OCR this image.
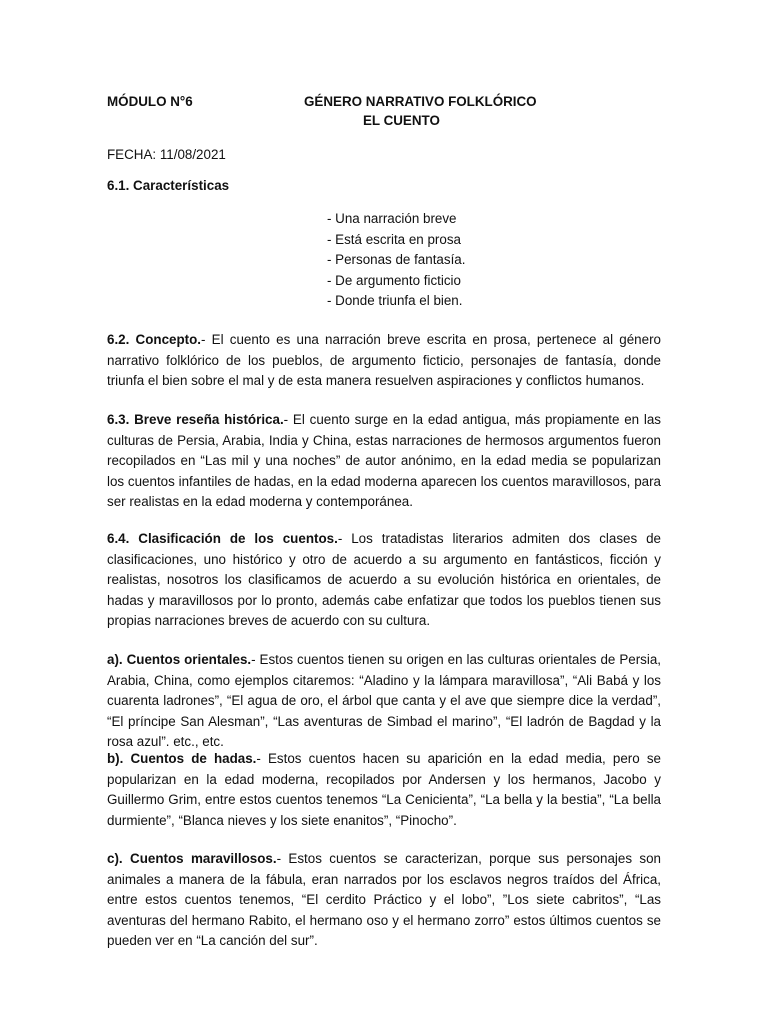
MÓDULO N°6	GÉNERO NARRATIVO FOLKLÓRICO
EL CUENTO
FECHA: 11/08/2021
6.1. Características
- Una narración breve
- Está escrita en prosa
- Personas de fantasía.
- De argumento ficticio
- Donde triunfa el bien.
6.2. Concepto.- El cuento es una narración breve escrita en prosa, pertenece al género narrativo folklórico de los pueblos, de argumento ficticio, personajes de fantasía, donde triunfa el bien sobre el mal y de esta manera resuelven aspiraciones y conflictos humanos.
6.3. Breve reseña histórica.- El cuento surge en la edad antigua, más propiamente en las culturas de Persia, Arabia, India y China, estas narraciones de hermosos argumentos fueron recopilados en “Las mil y una noches” de autor anónimo, en la edad media se popularizan los cuentos infantiles de hadas, en la edad moderna aparecen los cuentos maravillosos, para ser realistas en la edad moderna y contemporánea.
6.4. Clasificación de los cuentos.- Los tratadistas literarios admiten dos clases de clasificaciones, uno histórico y otro de acuerdo a su argumento en fantásticos, ficción y realistas, nosotros los clasificamos de acuerdo a su evolución histórica en orientales, de hadas y maravillosos por lo pronto, además cabe enfatizar que todos los pueblos tienen sus propias narraciones breves de acuerdo con su cultura.
a). Cuentos orientales.- Estos cuentos tienen su origen en las culturas orientales de Persia, Arabia, China, como ejemplos citaremos: “Aladino y la lámpara maravillosa”, “Ali Babá y los cuarenta ladrones”, “El agua de oro, el árbol que canta y el ave que siempre dice la verdad”, “El príncipe San Alesman”, “Las aventuras de Simbad el marino”, “El ladrón de Bagdad y la rosa azul”. etc., etc.
b). Cuentos de hadas.- Estos cuentos hacen su aparición en la edad media, pero se popularizan en la edad moderna, recopilados por Andersen y los hermanos, Jacobo y Guillermo Grim, entre estos cuentos tenemos “La Cenicienta”, “La bella y la bestia”, “La bella durmiente”, “Blanca nieves y los siete enanitos”, “Pinocho”.
c). Cuentos maravillosos.- Estos cuentos se caracterizan, porque sus personajes son animales a manera de la fábula, eran narrados por los esclavos negros traídos del África, entre estos cuentos tenemos, “El cerdito Práctico y el lobo”, ”Los siete cabritos”, “Las aventuras del hermano Rabito, el hermano oso y el hermano zorro” estos últimos cuentos se pueden ver en “La canción del sur”.
